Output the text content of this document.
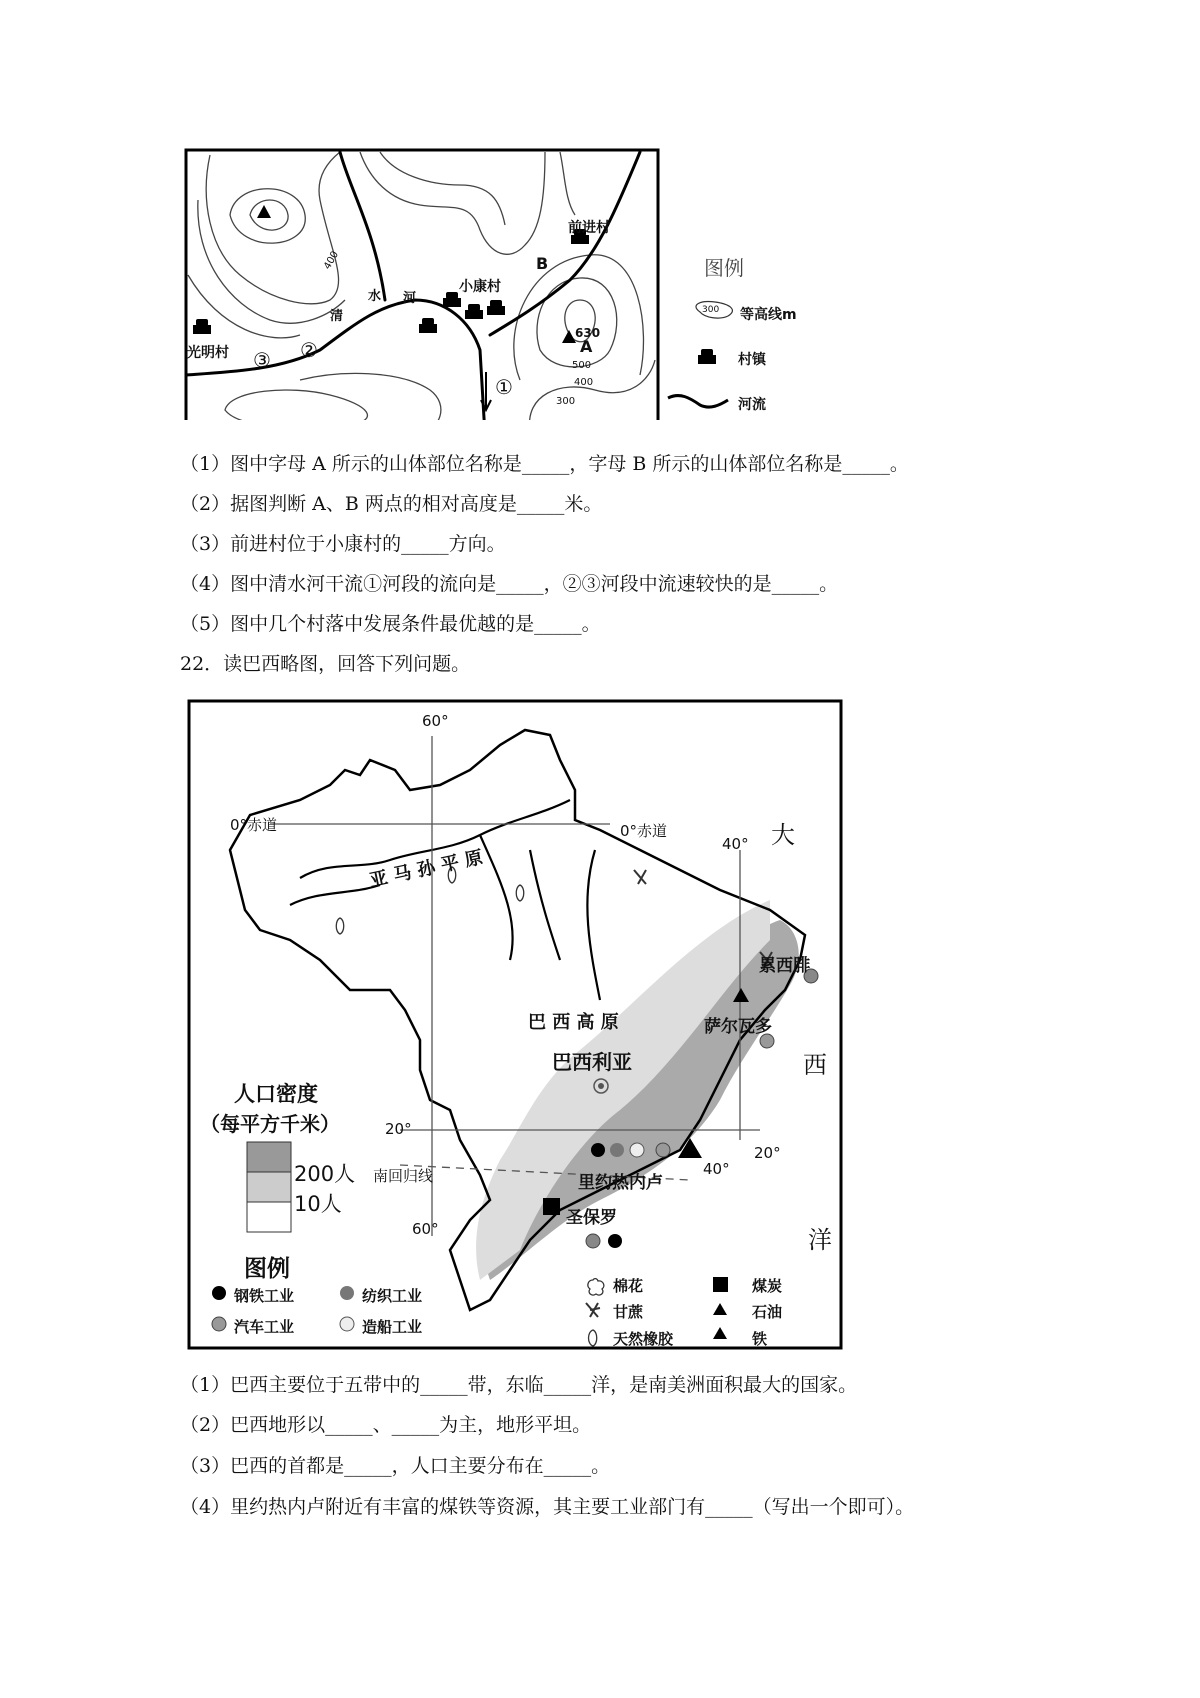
前进村
小康村
光明村
清
水 河
A
B
630
400
500
400
300
③ ②
①
图例
300 等高线m
村镇
河流
（1）图中字母 A 所示的山体部位名称是_____，字母 B 所示的山体部位名称是_____。
（2）据图判断 A、B 两点的相对高度是_____米。
（3）前进村位于小康村的_____方向。
（4）图中清水河干流①河段的流向是_____，②③河段中流速较快的是_____。
（5）图中几个村落中发展条件最优越的是_____。
22．读巴西略图，回答下列问题。
60°
60°
40°
40°
20°
20°
0°赤道	0°赤道
南回归线
亚 马 孙 平 原
巴 西 高 原
大
西
洋
累西腓
萨尔瓦多
巴西利亚
里约热内卢
圣保罗
人口密度
（每平方千米）
200人
10人
图例
钢铁工业	纺织工业
汽车工业	造船工业
棉花
甘蔗
天然橡胶
煤炭
石油
铁
（1）巴西主要位于五带中的_____带，东临_____洋，是南美洲面积最大的国家。
（2）巴西地形以_____、_____为主，地形平坦。
（3）巴西的首都是_____，人口主要分布在_____。
（4）里约热内卢附近有丰富的煤铁等资源，其主要工业部门有_____（写出一个即可）。
